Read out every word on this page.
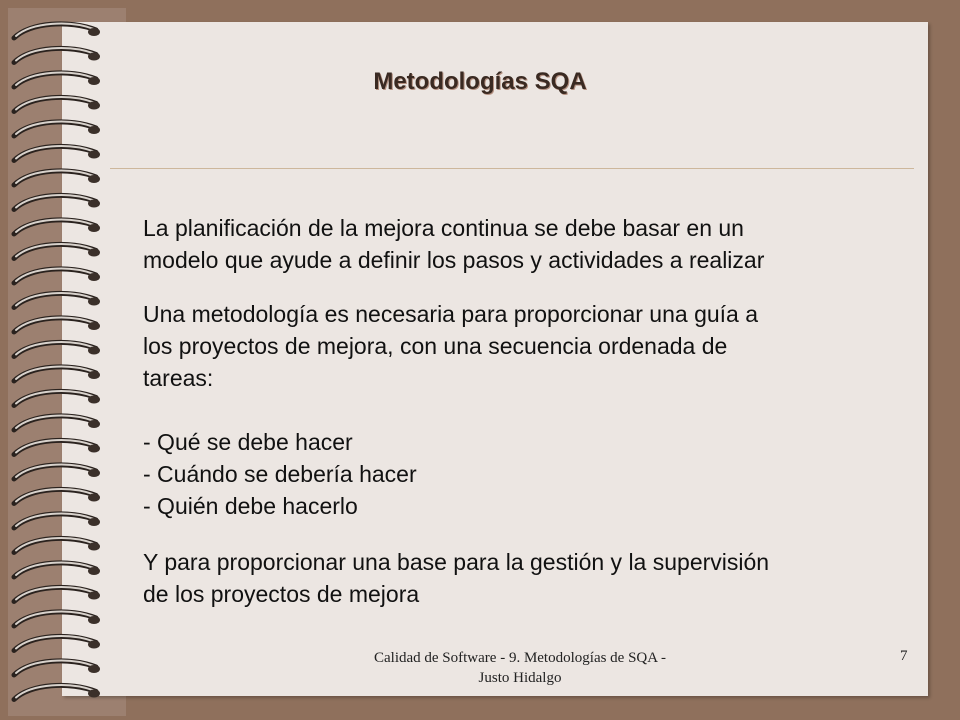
Metodologías SQA

La planificación de la mejora continua se debe basar en un
modelo que ayude a definir los pasos y actividades a realizar

Una metodología es necesaria para proporcionar una guía a
los proyectos de mejora, con una secuencia ordenada de
tareas:

- Qué se debe hacer
- Cuándo se debería hacer
- Quién debe hacerlo

Y para proporcionar una base para la gestión y la supervisión
de los proyectos de mejora

Calidad de Software - 9. Metodologías de SQA -
Justo Hidalgo
7
